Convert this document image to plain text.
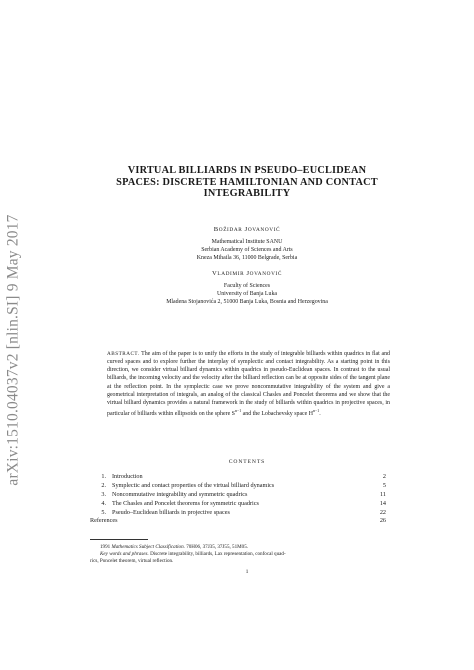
arXiv:1510.04037v2 [nlin.SI] 9 May 2017
VIRTUAL BILLIARDS IN PSEUDO–EUCLIDEAN
SPACES: DISCRETE HAMILTONIAN AND CONTACT
INTEGRABILITY
BOŽIDAR JOVANOVIĆ
Mathematical Institute SANU
Serbian Academy of Sciences and Arts
Kneza Mihaila 36, 11000 Belgrade, Serbia
VLADIMIR JOVANOVIĆ
Faculty of Sciences
University of Banja Luka
Mladena Stojanovića 2, 51000 Banja Luka, Bosnia and Herzegovina
ABSTRACT. The aim of the paper is to unify the efforts in the study of integrable billiards within quadrics in flat and curved spaces and to explore further the interplay of symplectic and contact integrability. As a starting point in this direction, we consider virtual billiard dynamics within quadrics in pseudo-Euclidean spaces. In contrast to the usual billiards, the incoming velocity and the velocity after the billiard reflection can be at opposite sides of the tangent plane at the reflection point. In the symplectic case we prove noncommutative integrability of the system and give a geometrical interpretation of integrals, an analog of the classical Chasles and Poncelet theorems and we show that the virtual billiard dynamics provides a natural framework in the study of billiards within quadrics in projective spaces, in particular of billiards within ellipsoids on the sphere $S^{n-1}$ and the Lobachevsky space $H^{n-1}$.
CONTENTS
1. Introduction	2
2. Symplectic and contact properties of the virtual billiard dynamics	5
3. Noncommutative integrability and symmetric quadrics	11
4. The Chasles and Poncelet theorems for symmetric quadrics	14
5. Pseudo–Euclidean billiards in projective spaces	22
References	26
1991 Mathematics Subject Classification. 70H06, 37J35, 37J55, 51M05.
Key words and phrases. Discrete integrability, billiards, Lax representation, confocal quad-
rics, Poncelet theorem, virtual reflection.
1
